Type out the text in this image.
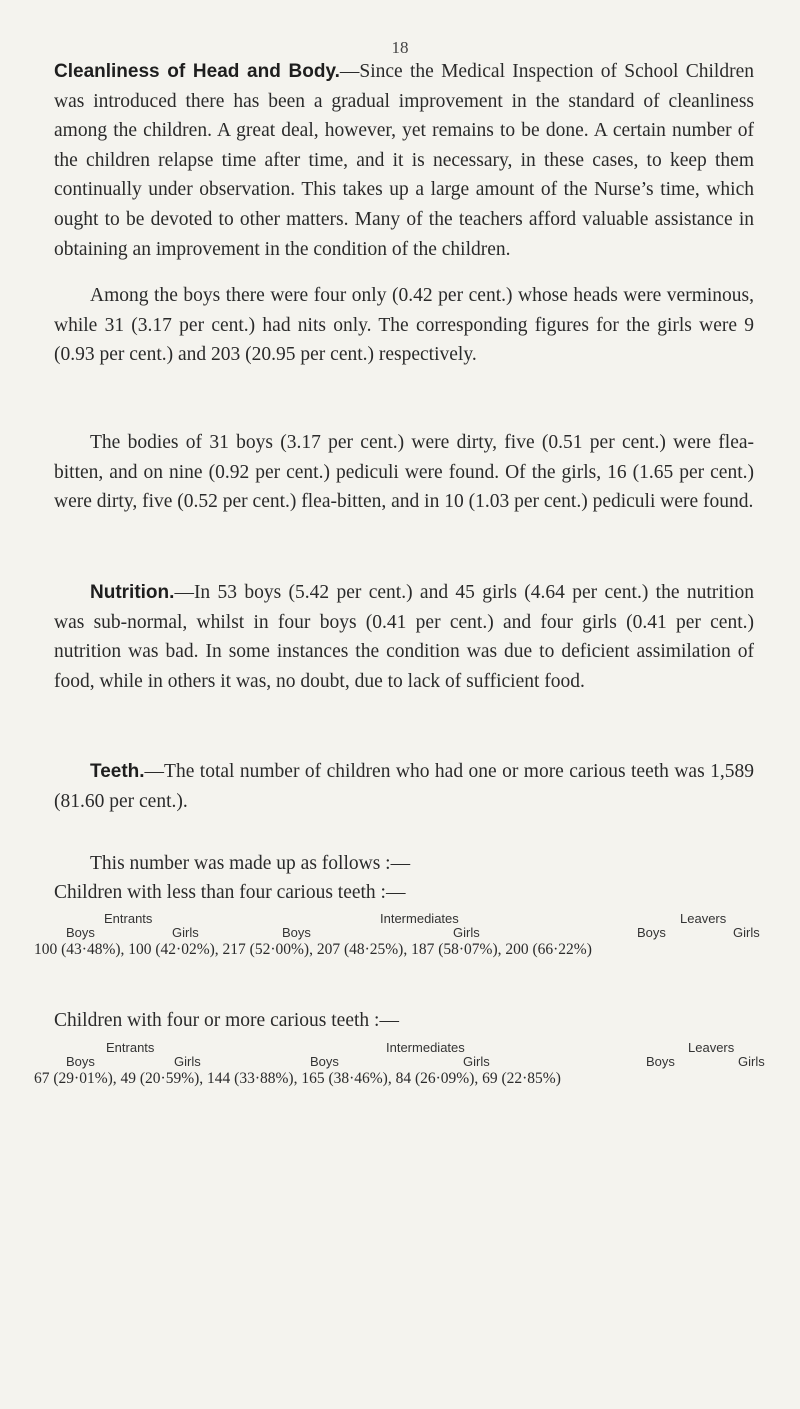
18

Cleanliness of Head and Body.—Since the Medical Inspection of School Children was introduced there has been a gradual improvement in the standard of cleanliness among the children. A great deal, however, yet remains to be done. A certain number of the children relapse time after time, and it is necessary, in these cases, to keep them continually under observation. This takes up a large amount of the Nurse’s time, which ought to be devoted to other matters. Many of the teachers afford valuable assistance in obtaining an improvement in the condition of the children.

Among the boys there were four only (0.42 per cent.) whose heads were verminous, while 31 (3.17 per cent.) had nits only. The corresponding figures for the girls were 9 (0.93 per cent.) and 203 (20.95 per cent.) respectively.

The bodies of 31 boys (3.17 per cent.) were dirty, five (0.51 per cent.) were flea-bitten, and on nine (0.92 per cent.) pediculi were found. Of the girls, 16 (1.65 per cent.) were dirty, five (0.52 per cent.) flea-bitten, and in 10 (1.03 per cent.) pediculi were found.

Nutrition.—In 53 boys (5.42 per cent.) and 45 girls (4.64 per cent.) the nutrition was sub-normal, whilst in four boys (0.41 per cent.) and four girls (0.41 per cent.) nutrition was bad. In some instances the condition was due to deficient assimilation of food, while in others it was, no doubt, due to lack of sufficient food.

Teeth.—The total number of children who had one or more carious teeth was 1,589 (81.60 per cent.).

This number was made up as follows :—
Children with less than four carious teeth :—
Entrants	Intermediates	Leavers
Boys	Girls	Boys	Girls	Boys	Girls
100 (43·48%), 100 (42·02%), 217 (52·00%), 207 (48·25%), 187 (58·07%), 200 (66·22%)
Children with four or more carious teeth :—
Entrants	Intermediates	Leavers
Boys	Girls	Boys	Girls	Boys	Girls
67 (29·01%), 49 (20·59%), 144 (33·88%), 165 (38·46%), 84 (26·09%), 69 (22·85%)
